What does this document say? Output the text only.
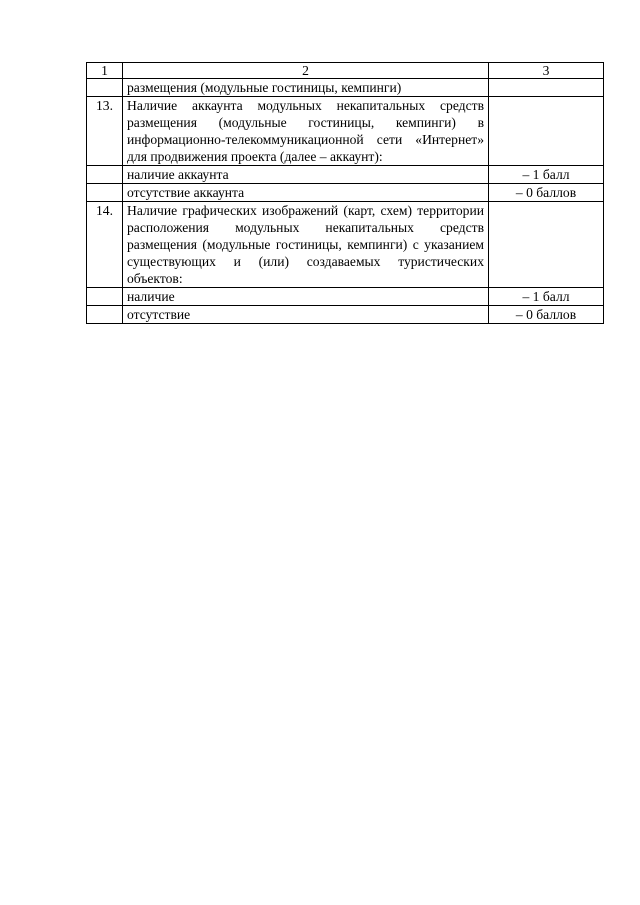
1	2	3
	размещения (модульные гостиницы, кемпинги)	
13.	Наличие аккаунта модульных некапитальных средств размещения (модульные гостиницы, кемпинги) в информационно-телекоммуникационной сети «Интернет» для продвижения проекта (далее – аккаунт):	
	наличие аккаунта	– 1 балл
	отсутствие аккаунта	– 0 баллов
14.	Наличие графических изображений (карт, схем) территории расположения модульных некапитальных средств размещения (модульные гостиницы, кемпинги) с указанием существующих и (или) создаваемых туристических объектов:	
	наличие	– 1 балл
	отсутствие	– 0 баллов
